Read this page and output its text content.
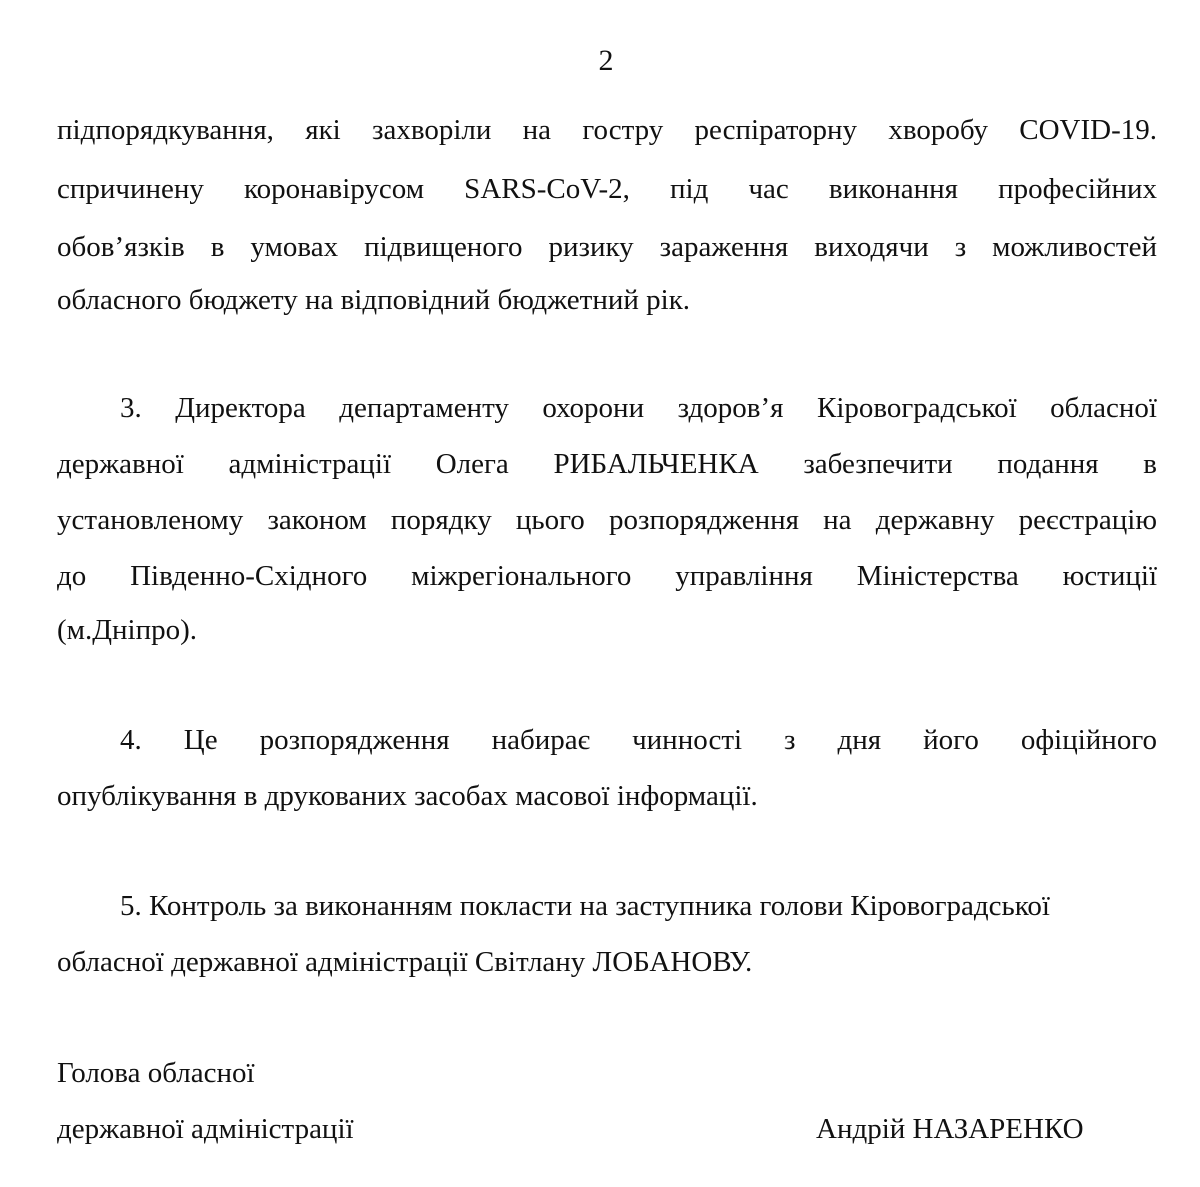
2
підпорядкування, які захворіли на гостру респіраторну хворобу COVID-19.
спричинену коронавірусом SARS-CoV-2, під час виконання професійних
обов’язків в умовах підвищеного ризику зараження виходячи з можливостей
обласного бюджету на відповідний бюджетний рік.
3. Директора департаменту охорони здоров’я Кіровоградської обласної
державної адміністрації Олега РИБАЛЬЧЕНКА забезпечити подання в
установленому законом порядку цього розпорядження на державну реєстрацію
до Південно-Східного міжрегіонального управління Міністерства юстиції
(м.Дніпро).
4. Це розпорядження набирає чинності з дня його офіційного
опублікування в друкованих засобах масової інформації.
5. Контроль за виконанням покласти на заступника голови Кіровоградської
обласної державної адміністрації Світлану ЛОБАНОВУ.
Голова обласної
державної адміністрації	Андрій НАЗАРЕНКО
